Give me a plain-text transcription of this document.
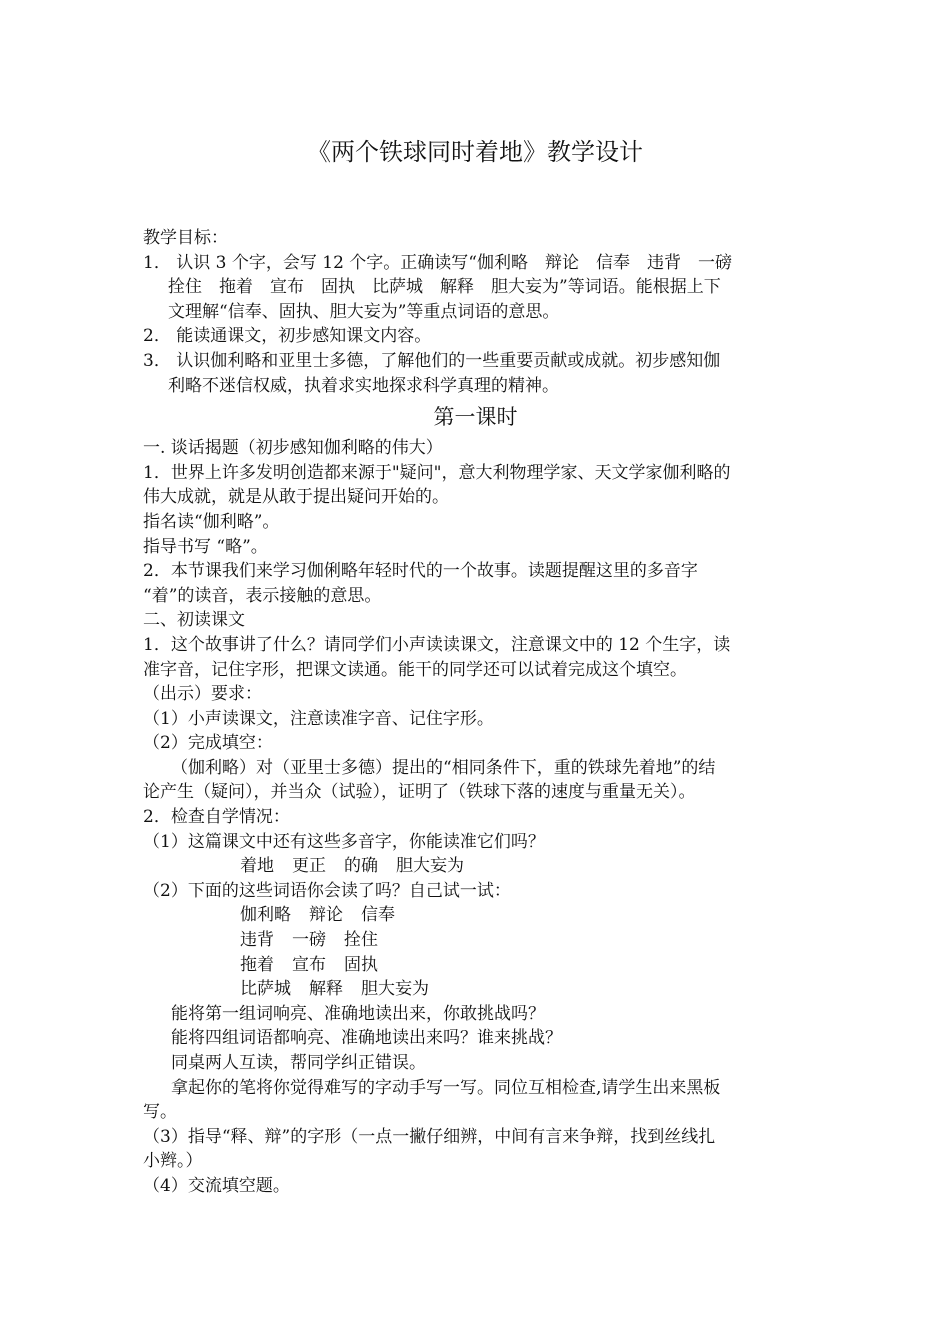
《两个铁球同时着地》教学设计
教学目标：
1． 认识 3 个字，会写 12 个字。正确读写“伽利略　辩论　信奉　违背　一磅
拴住　拖着　宣布　固执　比萨城　解释　胆大妄为”等词语。能根据上下
文理解“信奉、固执、胆大妄为”等重点词语的意思。
2． 能读通课文，初步感知课文内容。
3． 认识伽利略和亚里士多德，了解他们的一些重要贡献或成就。初步感知伽
利略不迷信权威，执着求实地探求科学真理的精神。
第一课时
一. 谈话揭题（初步感知伽利略的伟大）
1．世界上许多发明创造都来源于"疑问"，意大利物理学家、天文学家伽利略的
伟大成就，就是从敢于提出疑问开始的。
指名读“伽利略”。
指导书写 “略”。
2．本节课我们来学习伽俐略年轻时代的一个故事。读题提醒这里的多音字
“着”的读音，表示接触的意思。
二、初读课文
1．这个故事讲了什么？请同学们小声读读课文，注意课文中的 12 个生字，读
准字音，记住字形，把课文读通。能干的同学还可以试着完成这个填空。
（出示）要求：
（1）小声读课文，注意读准字音、记住字形。
（2）完成填空：
（伽利略）对（亚里士多德）提出的“相同条件下，重的铁球先着地”的结
论产生（疑问），并当众（试验），证明了（铁球下落的速度与重量无关）。
2．检查自学情况：
（1）这篇课文中还有这些多音字，你能读准它们吗？
着地 更正 的确 胆大妄为
（2）下面的这些词语你会读了吗？自己试一试：
伽利略 辩论 信奉
违背 一磅 拴住
拖着 宣布 固执
比萨城 解释 胆大妄为
能将第一组词响亮、准确地读出来，你敢挑战吗？
能将四组词语都响亮、准确地读出来吗？谁来挑战？
同桌两人互读，帮同学纠正错误。
拿起你的笔将你觉得难写的字动手写一写。同位互相检查,请学生出来黑板
写。
（3）指导“释、辩”的字形（一点一撇仔细辨，中间有言来争辩，找到丝线扎
小辫。）
（4）交流填空题。
